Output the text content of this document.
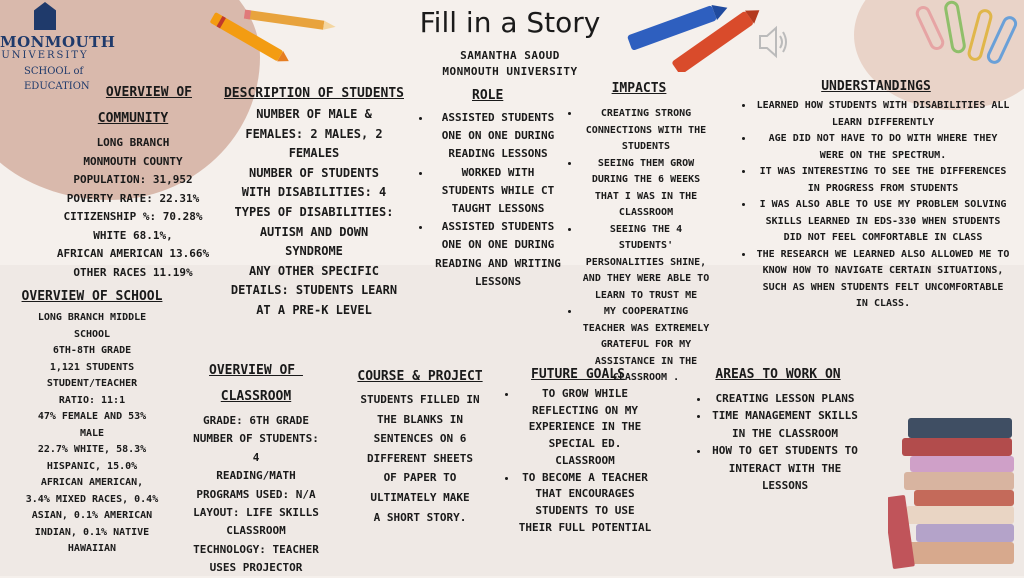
MONMOUTH
UNIVERSITY
SCHOOL of
EDUCATION
Fill in a Story
SAMANTHA SAOUD
MONMOUTH UNIVERSITY
OVERVIEW OF
COMMUNITY

LONG BRANCH

MONMOUTH COUNTY

POPULATION: 31,952

POVERTY RATE: 22.31%

CITIZENSHIP %: 70.28%

WHITE 68.1%,

AFRICAN AMERICAN 13.66%

OTHER RACES 11.19%

OVERVIEW OF SCHOOL

LONG BRANCH MIDDLE

SCHOOL

6TH-8TH GRADE

1,121 STUDENTS

STUDENT/TEACHER

RATIO: 11:1

47% FEMALE AND 53%

MALE

22.7% WHITE, 58.3%

HISPANIC, 15.0%

AFRICAN AMERICAN,

3.4% MIXED RACES, 0.4%

ASIAN, 0.1% AMERICAN

INDIAN, 0.1% NATIVE

HAWAIIAN

DESCRIPTION OF STUDENTS

NUMBER OF MALE &

FEMALES: 2 MALES, 2

FEMALES

NUMBER OF STUDENTS

WITH DISABILITIES: 4

TYPES OF DISABILITIES:

AUTISM AND DOWN

SYNDROME

ANY OTHER SPECIFIC

DETAILS: STUDENTS LEARN

AT A PRE-K LEVEL

ROLE
• ASSISTED STUDENTS ONE ON ONE DURING READING LESSONS
• WORKED WITH STUDENTS WHILE CT TAUGHT LESSONS
• ASSISTED STUDENTS ONE ON ONE DURING READING AND WRITING LESSONS
IMPACTS
• CREATING STRONG CONNECTIONS WITH THE STUDENTS
• SEEING THEM GROW DURING THE 6 WEEKS THAT I WAS IN THE CLASSROOM
• SEEING THE 4 STUDENTS' PERSONALITIES SHINE, AND THEY WERE ABLE TO LEARN TO TRUST ME
• MY COOPERATING TEACHER WAS EXTREMELY GRATEFUL FOR MY ASSISTANCE IN THE CLASSROOM .
UNDERSTANDINGS
• LEARNED HOW STUDENTS WITH DISABILITIES ALL LEARN DIFFERENTLY
• AGE DID NOT HAVE TO DO WITH WHERE THEY WERE ON THE SPECTRUM.
• IT WAS INTERESTING TO SEE THE DIFFERENCES IN PROGRESS FROM STUDENTS
• I WAS ALSO ABLE TO USE MY PROBLEM SOLVING SKILLS LEARNED IN EDS-330 WHEN STUDENTS DID NOT FEEL COMFORTABLE IN CLASS
• THE RESEARCH WE LEARNED ALSO ALLOWED ME TO KNOW HOW TO NAVIGATE CERTAIN SITUATIONS, SUCH AS WHEN STUDENTS FELT UNCOMFORTABLE IN CLASS.
OVERVIEW OF
CLASSROOM

GRADE: 6TH GRADE

NUMBER OF STUDENTS:

4

READING/MATH

PROGRAMS USED: N/A

LAYOUT: LIFE SKILLS

CLASSROOM

TECHNOLOGY: TEACHER

USES PROJECTOR

COURSE & PROJECT

STUDENTS FILLED IN

THE BLANKS IN

SENTENCES ON 6

DIFFERENT SHEETS

OF PAPER TO

ULTIMATELY MAKE

A SHORT STORY.

FUTURE GOALS
• TO GROW WHILE REFLECTING ON MY EXPERIENCE IN THE SPECIAL ED. CLASSROOM
• TO BECOME A TEACHER THAT ENCOURAGES STUDENTS TO USE THEIR FULL POTENTIAL
AREAS TO WORK ON
• CREATING LESSON PLANS
• TIME MANAGEMENT SKILLS IN THE CLASSROOM
• HOW TO GET STUDENTS TO INTERACT WITH THE LESSONS
